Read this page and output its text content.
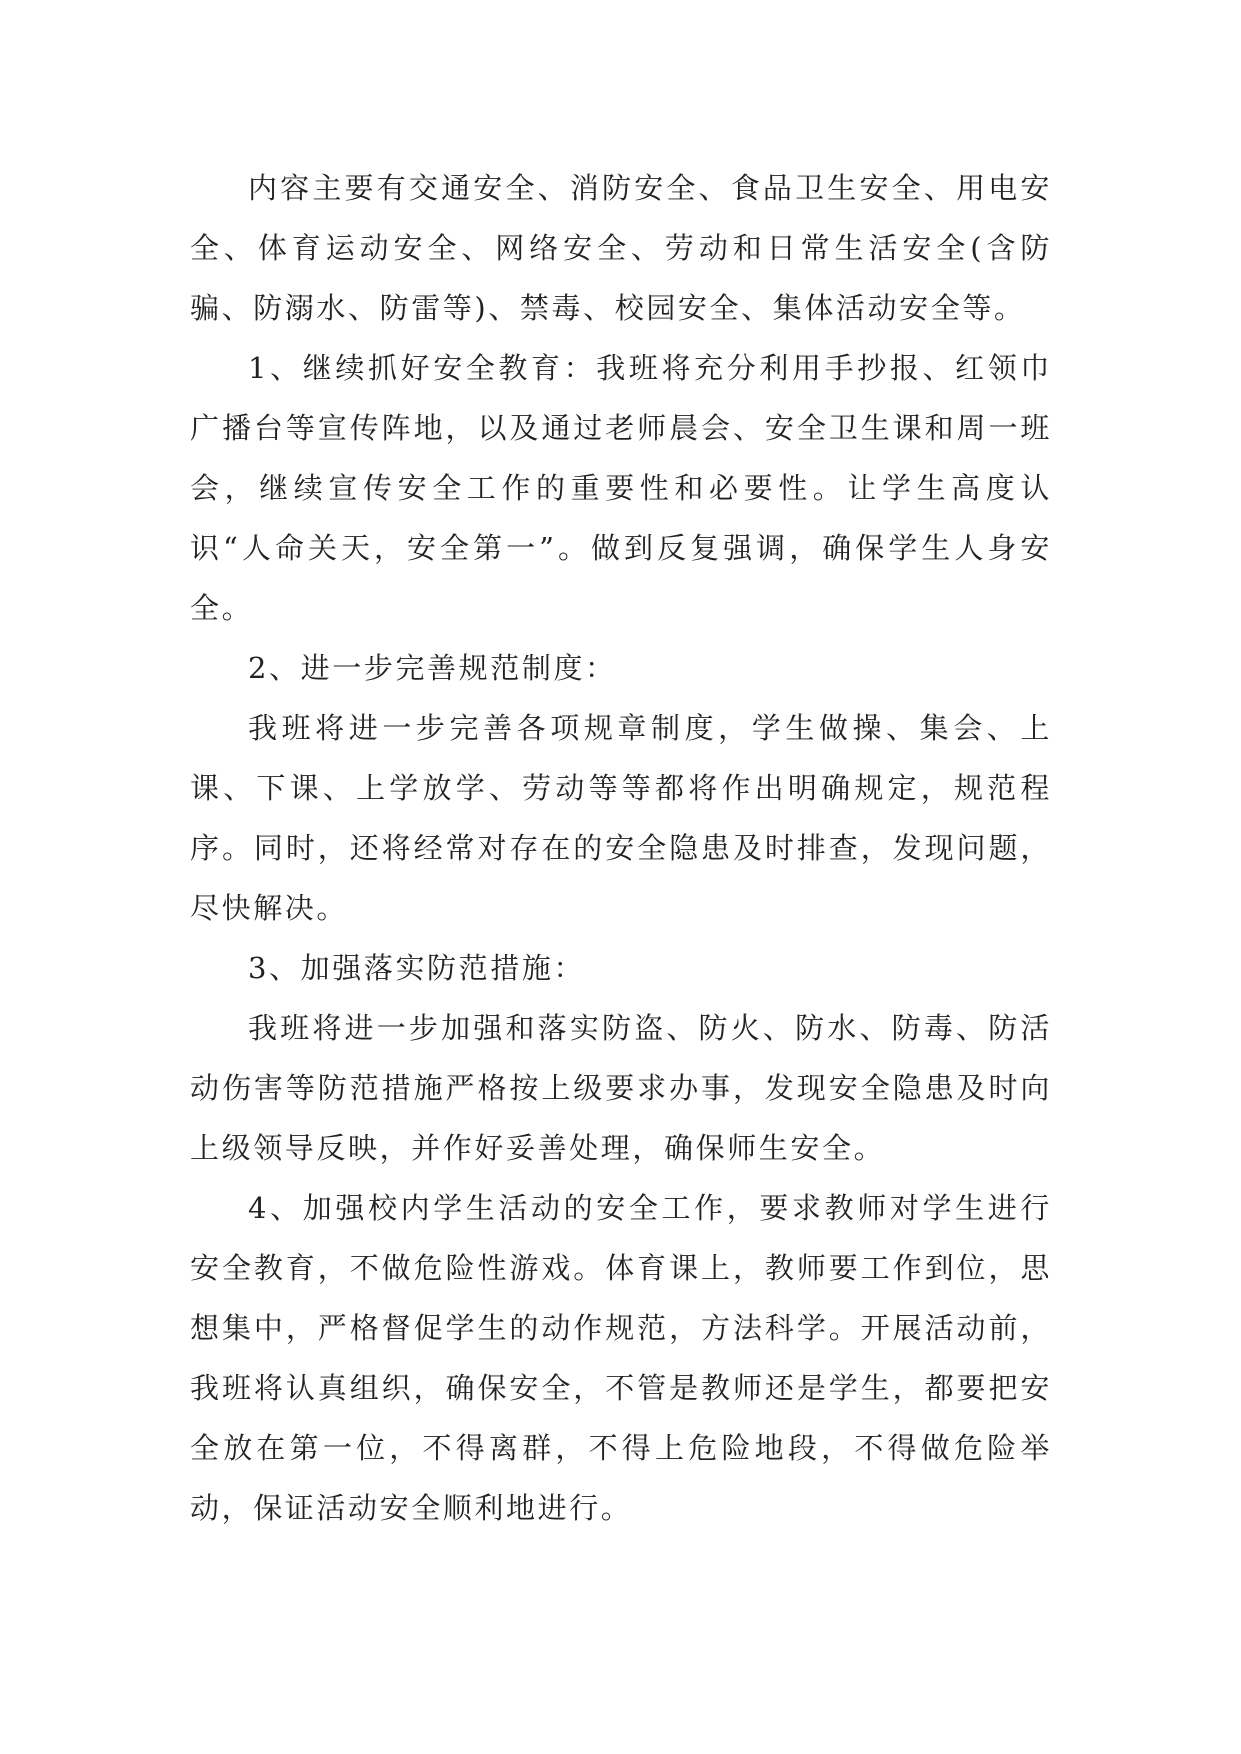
内容主要有交通安全、消防安全、食品卫生安全、用电安全、体育运动安全、网络安全、劳动和日常生活安全(含防骗、防溺水、防雷等)、禁毒、校园安全、集体活动安全等。

1、继续抓好安全教育：我班将充分利用手抄报、红领巾广播台等宣传阵地，以及通过老师晨会、安全卫生课和周一班会，继续宣传安全工作的重要性和必要性。让学生高度认识“人命关天，安全第一”。做到反复强调，确保学生人身安全。

2、进一步完善规范制度：

我班将进一步完善各项规章制度，学生做操、集会、上课、下课、上学放学、劳动等等都将作出明确规定，规范程序。同时，还将经常对存在的安全隐患及时排查，发现问题，尽快解决。

3、加强落实防范措施：

我班将进一步加强和落实防盗、防火、防水、防毒、防活动伤害等防范措施严格按上级要求办事，发现安全隐患及时向上级领导反映，并作好妥善处理，确保师生安全。

4、加强校内学生活动的安全工作，要求教师对学生进行安全教育，不做危险性游戏。体育课上，教师要工作到位，思想集中，严格督促学生的动作规范，方法科学。开展活动前，我班将认真组织，确保安全，不管是教师还是学生，都要把安全放在第一位，不得离群，不得上危险地段，不得做危险举动，保证活动安全顺利地进行。
